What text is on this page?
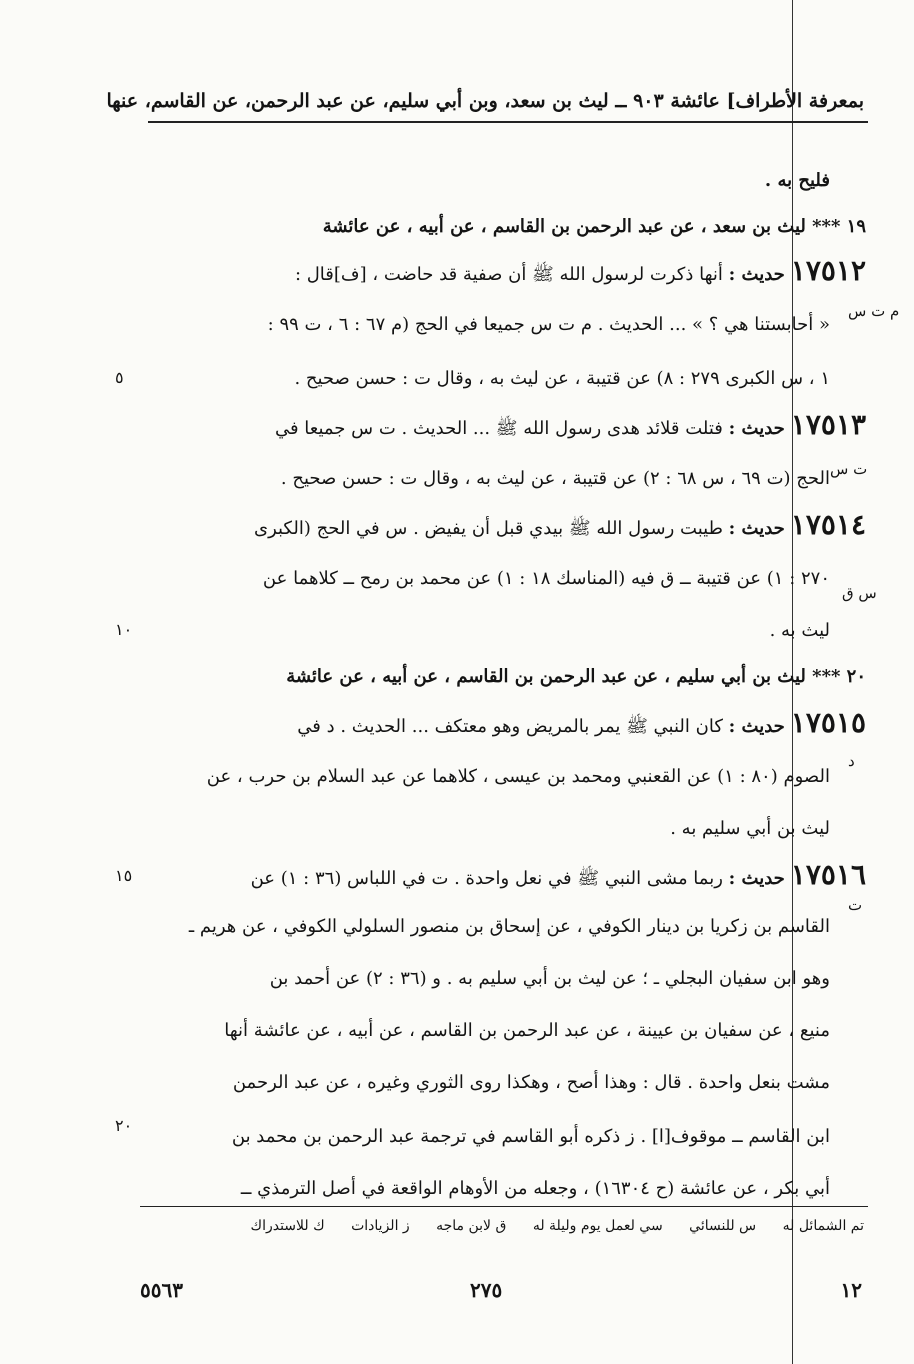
بمعرفة الأطراف] عائشة ٩٠٣ ــ ليث بن سعد، وبن أبي سليم، عن عبد الرحمن، عن القاسم، عنها
فليح به .
١٩ *** ليث بن سعد ، عن عبد الرحمن بن القاسم ، عن أبيه ، عن عائشة
١٧٥١٢حديث : أنها ذكرت لرسول الله ﷺ أن صفية قد حاضت ، [ف]قال :
« أحابستنا هي ؟ » ... الحديث . م ت س جميعا في الحج (م ٦٧ : ٦ ، ت ٩٩ :
١ ، س الكبرى ٢٧٩ : ٨) عن قتيبة ، عن ليث به ، وقال ت : حسن صحيح .
١٧٥١٣حديث : فتلت قلائد هدى رسول الله ﷺ ... الحديث . ت س جميعا في
الحج (ت ٦٩ ، س ٦٨ : ٢) عن قتيبة ، عن ليث به ، وقال ت : حسن صحيح .
١٧٥١٤حديث : طيبت رسول الله ﷺ بيدي قبل أن يفيض . س في الحج (الكبرى
٢٧٠ : ١) عن قتيبة ــ ق فيه (المناسك ١٨ : ١) عن محمد بن رمح ــ كلاهما عن
ليث به .
٢٠ *** ليث بن أبي سليم ، عن عبد الرحمن بن القاسم ، عن أبيه ، عن عائشة
١٧٥١٥حديث : كان النبي ﷺ يمر بالمريض وهو معتكف ... الحديث . د في
الصوم (٨٠ : ١) عن القعنبي ومحمد بن عيسى ، كلاهما عن عبد السلام بن حرب ، عن
ليث بن أبي سليم به .
١٧٥١٦حديث : ربما مشى النبي ﷺ في نعل واحدة . ت في اللباس (٣٦ : ١) عن
القاسم بن زكريا بن دينار الكوفي ، عن إسحاق بن منصور السلولي الكوفي ، عن هريم ـ
وهو ابن سفيان البجلي ـ ؛ عن ليث بن أبي سليم به . و (٣٦ : ٢) عن أحمد بن
منيع ، عن سفيان بن عيينة ، عن عبد الرحمن بن القاسم ، عن أبيه ، عن عائشة أنها
مشت بنعل واحدة . قال : وهذا أصح ، وهكذا روى الثوري وغيره ، عن عبد الرحمن
ابن القاسم ــ موقوف[ا] . ز ذكره أبو القاسم في ترجمة عبد الرحمن بن محمد بن
أبي بكر ، عن عائشة (ح ١٦٣٠٤) ، وجعله من الأوهام الواقعة في أصل الترمذي ــ
م ت س
ت س
س ق
د
ت
٥
١٠
١٥
٢٠
تم الشمائل له س للنسائي سي لعمل يوم وليلة له ق لابن ماجه ز الزيادات ك للاستدراك
٥٥٦٣	٢٧٥	١٢
